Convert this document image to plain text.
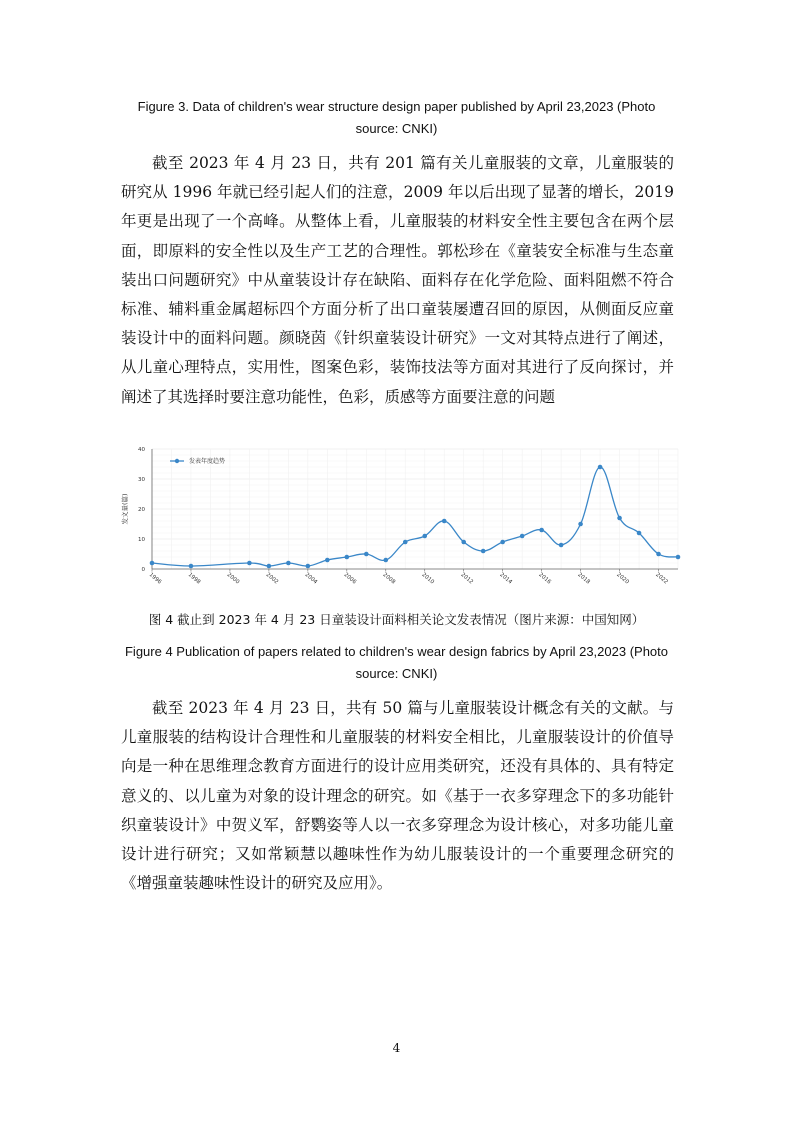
Figure 3. Data of children's wear structure design paper published by April 23,2023 (Photo
source: CNKI)

截至 2023 年 4 月 23 日，共有 201 篇有关儿童服装的文章，儿童服装的研究从 1996 年就已经引起人们的注意，2009 年以后出现了显著的增长，2019 年更是出现了一个高峰。从整体上看，儿童服装的材料安全性主要包含在两个层面，即原料的安全性以及生产工艺的合理性。郭松珍在《童装安全标准与生态童装出口问题研究》中从童装设计存在缺陷、面料存在化学危险、面料阻燃不符合标准、辅料重金属超标四个方面分析了出口童装屡遭召回的原因，从侧面反应童装设计中的面料问题。颜晓茵《针织童装设计研究》一文对其特点进行了阐述，从儿童心理特点，实用性，图案色彩，装饰技法等方面对其进行了反向探讨，并阐述了其选择时要注意功能性，色彩，质感等方面要注意的问题

0
10
20
30
40
发文量(篇)
1996	1998	2000	2002	2004	2006	2008	2010	2012	2014	2016	2018	2020	2022
发表年度趋势
图 4 截止到 2023 年 4 月 23 日童装设计面料相关论文发表情况（图片来源：中国知网）
Figure 4 Publication of papers related to children's wear design fabrics by April 23,2023 (Photo
source: CNKI)

截至 2023 年 4 月 23 日，共有 50 篇与儿童服装设计概念有关的文献。与儿童服装的结构设计合理性和儿童服装的材料安全相比，儿童服装设计的价值导向是一种在思维理念教育方面进行的设计应用类研究，还没有具体的、具有特定意义的、以儿童为对象的设计理念的研究。如《基于一衣多穿理念下的多功能针织童装设计》中贺义军，舒鹦姿等人以一衣多穿理念为设计核心，对多功能儿童设计进行研究；又如常颖慧以趣味性作为幼儿服装设计的一个重要理念研究的《增强童装趣味性设计的研究及应用》。

4
